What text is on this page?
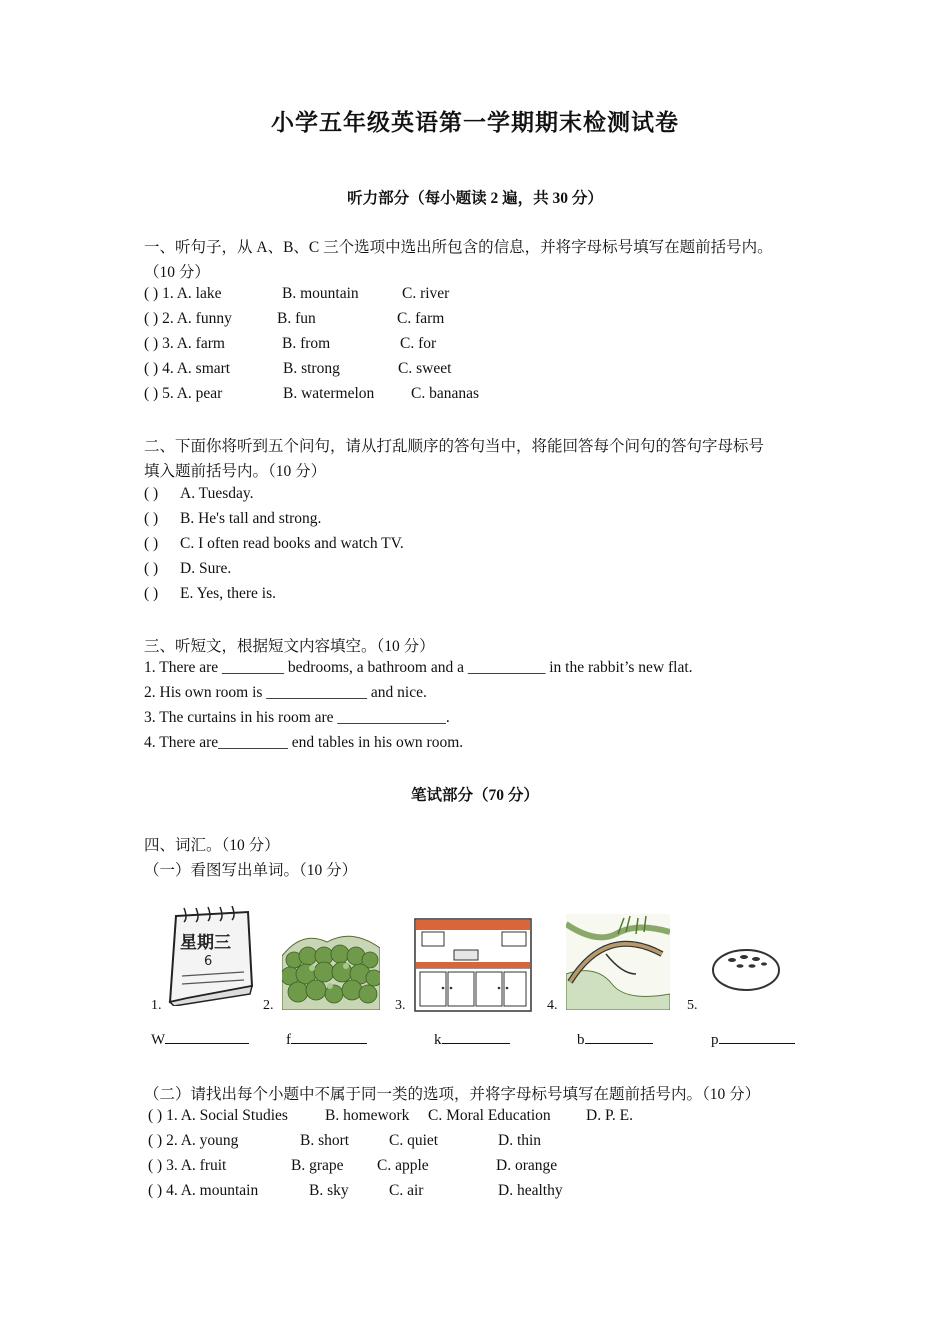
小学五年级英语第一学期期末检测试卷
听力部分（每小题读 2 遍，共 30 分）
一、听句子，从 A、B、C 三个选项中选出所包含的信息，并将字母标号填写在题前括号内。
（10 分）
( ) 1. A. lake	B. mountain	C. river
( ) 2. A. funny	B. fun	C. farm
( ) 3. A. farm	B. from	C. for
( ) 4. A. smart	B. strong	C. sweet
( ) 5. A. pear	B. watermelon C. bananas
二、下面你将听到五个问句，请从打乱顺序的答句当中，将能回答每个问句的答句字母标号
填入题前括号内。（10 分）
( ) A. Tuesday.
( ) B. He's tall and strong.
( ) C. I often read books and watch TV.
( ) D. Sure.
( ) E. Yes, there is.
三、听短文，根据短文内容填空。（10 分）
1. There are ________ bedrooms, a bathroom and a __________ in the rabbit’s new flat.
2. His own room is _____________ and nice.
3. The curtains in his room are ______________.
4. There are_________ end tables in his own room.
笔试部分（70 分）
四、词汇。（10 分）
（一）看图写出单词。（10 分）
星期三
6
1.	2.	3.	4.	5.
W	f	k	b	p
（二）请找出每个小题中不属于同一类的选项，并将字母标号填写在题前括号内。（10 分）
( ) 1. A. Social Studies B. homework C. Moral Education D. P. E.
( ) 2. A. young	B. short	C. quiet	D. thin
( ) 3. A. fruit	B. grape C. apple	D. orange
( ) 4. A. mountain	B. sky	C. air	D. healthy
